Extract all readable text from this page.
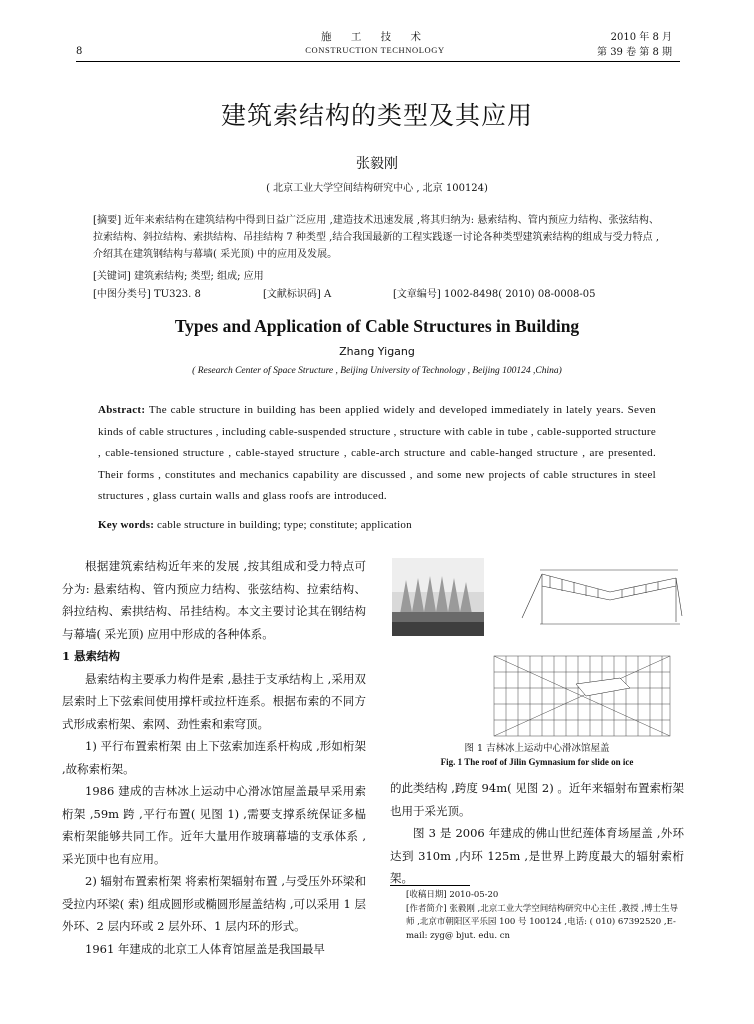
施 工 技 术
CONSTRUCTION TECHNOLOGY
8
2010 年 8 月
第 39 卷 第 8 期
建筑索结构的类型及其应用
张毅刚
( 北京工业大学空间结构研究中心 , 北京 100124)
[摘要] 近年来索结构在建筑结构中得到日益广泛应用 ,建造技术迅速发展 ,将其归纳为: 悬索结构、管内预应力结构、张弦结构、拉索结构、斜拉结构、索拱结构、吊挂结构 7 种类型 ,结合我国最新的工程实践逐一讨论各种类型建筑索结构的组成与受力特点 ,介绍其在建筑钢结构与幕墙( 采光顶) 中的应用及发展。
[关键词] 建筑索结构; 类型; 组成; 应用
[中图分类号] TU323. 8	[文献标识码] A	[文章编号] 1002-8498( 2010) 08-0008-05
Types and Application of Cable Structures in Building
Zhang Yigang
( Research Center of Space Structure , Beijing University of Technology , Beijing 100124 ,China)
Abstract: The cable structure in building has been applied widely and developed immediately in lately years. Seven kinds of cable structures , including cable-suspended structure , structure with cable in tube , cable-supported structure , cable-tensioned structure , cable-stayed structure , cable-arch structure and cable-hanged structure , are presented. Their forms , constitutes and mechanics capability are discussed , and some new projects of cable structures in steel structures , glass curtain walls and glass roofs are introduced.
Key words: cable structure in building; type; constitute; application

根据建筑索结构近年来的发展 ,按其组成和受力特点可分为: 悬索结构、管内预应力结构、张弦结构、拉索结构、斜拉结构、索拱结构、吊挂结构。本文主要讨论其在钢结构与幕墙( 采光顶) 应用中形成的各种体系。

1 悬索结构

悬索结构主要承力构件是索 ,悬挂于支承结构上 ,采用双层索时上下弦索间使用撑杆或拉杆连系。根据布索的不同方式形成索桁架、索网、劲性索和索穹顶。

1) 平行布置索桁架 由上下弦索加连系杆构成 ,形如桁架 ,故称索桁架。

1986 建成的吉林冰上运动中心滑冰馆屋盖最早采用索桁架 ,59m 跨 ,平行布置( 见图 1) ,需要支撑系统保证多榀索桁架能够共同工作。近年大量用作玻璃幕墙的支承体系 ,采光顶中也有应用。

2) 辐射布置索桁架 将索桁架辐射布置 ,与受压外环梁和受拉内环梁( 索) 组成圆形或椭圆形屋盖结构 ,可以采用 1 层外环、2 层内环或 2 层外环、1 层内环的形式。

1961 年建成的北京工人体育馆屋盖是我国最早

图 1 吉林冰上运动中心滑冰馆屋盖
Fig. 1 The roof of Jilin Gymnasium for slide on ice

的此类结构 ,跨度 94m( 见图 2) 。近年来辐射布置索桁架也用于采光顶。

图 3 是 2006 年建成的佛山世纪莲体育场屋盖 ,外环达到 310m ,内环 125m ,是世界上跨度最大的辐射索桁架。

[收稿日期] 2010-05-20

[作者简介] 张毅刚 ,北京工业大学空间结构研究中心主任 ,教授 ,博士生导师 ,北京市朝阳区平乐园 100 号 100124 ,电话: ( 010) 67392520 ,E-mail: zyg@ bjut. edu. cn
